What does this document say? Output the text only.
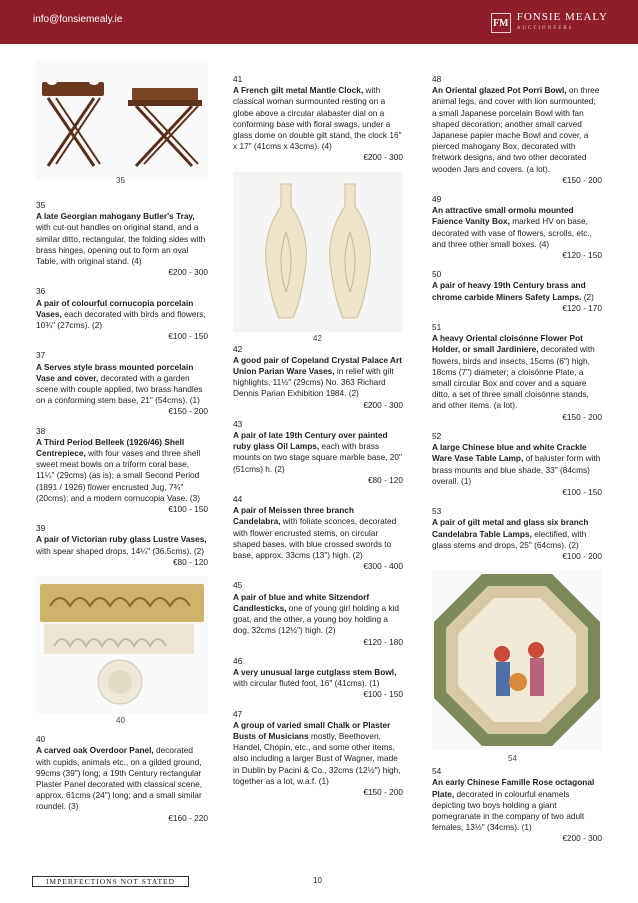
info@fonsiemealy.ie	FM FONSIE MEALY
AUCTIONEERS
35
35
A late Georgian mahogany Butler's Tray, with cut-out handles on original stand, and a similar ditto, rectangular, the folding sides with brass hinges, opening out to form an oval Table, with original stand. (4)
€200 - 300
36
A pair of colourful cornucopia porcelain Vases, each decorated with birds and flowers, 10¾" (27cms). (2)
€100 - 150
37
A Serves style brass mounted porcelain Vase and cover, decorated with a garden scene with couple applied, two brass handles on a conforming stem base, 21" (54cms). (1)
€150 - 200
38
A Third Period Belleek (1926/46) Shell Centrepiece, with four vases and three shell sweet meat bowls on a triform coral base, 11¼" (29cms) (as is); a small Second Period (1891 / 1926) flower encrusted Jug, 7¾" (20cms); and a modern cornucopia Vase. (3)
€100 - 150
39
A pair of Victorian ruby glass Lustre Vases, with spear shaped drops, 14¼" (36.5cms). (2)
€80 - 120
40
40
A carved oak Overdoor Panel, decorated with cupids, animals etc., on a gilded ground, 99cms (39") long; a 19th Century rectangular Plaster Panel decorated with classical scene, approx. 61cms (24") long; and a small similar roundel. (3)
€160 - 220
41
A French gilt metal Mantle Clock, with classical woman surmounted resting on a globe above a circular alabaster dial on a conforming base with floral swags, under a glass dome on double gilt stand, the clock 16" x 17" (41cms x 43cms). (4)
€200 - 300
42
42
A good pair of Copeland Crystal Palace Art Union Parian Ware Vases, in relief with gilt highlights, 11½" (29cms) No. 363 Richard Dennis Parian Exhibition 1984. (2)
€200 - 300
43
A pair of late 19th Century over painted ruby glass Oil Lamps, each with brass mounts on two stage square marble base, 20" (51cms) h. (2)
€80 - 120
44
A pair of Meissen three branch Candelabra, with foliate sconces, decorated with flower encrusted stems, on circular shaped bases, with blue crossed swords to base, approx. 33cms (13") high. (2)
€300 - 400
45
A pair of blue and white Sitzendorf Candlesticks, one of young girl holding a kid goat, and the other, a young boy holding a dog, 32cms (12½") high. (2)
€120 - 180
46
A very unusual large cutglass stem Bowl, with circular fluted foot, 16" (41cms). (1)
€100 - 150
47
A group of varied small Chalk or Plaster Busts of Musicians mostly, Beethoven, Handel, Chopin, etc., and some other items, also including a larger Bust of Wagner, made in Dublin by Pacini & Co., 32cms (12½") high, together as a lot, w.a.f. (1)
€150 - 200
48
An Oriental glazed Pot Porri Bowl, on three animal legs, and cover with lion surmounted; a small Japanese porcelain Bowl with fan shaped decoration; another small carved Japanese papier mache Bowl and cover, a pierced mahogany Box, decorated with fretwork designs, and two other decorated wooden Jars and covers. (a lot).
€150 - 200
49
An attractive small ormolu mounted Faience Vanity Box, marked HV on base, decorated with vase of flowers, scrolls, etc., and three other small boxes. (4)
€120 - 150
50
A pair of heavy 19th Century brass and chrome carbide Miners Safety Lamps. (2)
€120 - 170
51
A heavy Oriental cloisónne Flower Pot Holder, or small Jardiniere, decorated with flowers, birds and insects, 15cms (6") high, 18cms (7") diameter; a cloisónne Plate, a small circular Box and cover and a square ditto, a set of three small cloisónne stands, and other items. (a lot).
€150 - 200
52
A large Chinese blue and white Crackle Ware Vase Table Lamp, of baluster form with brass mounts and blue shade, 33" (84cms) overall. (1)
€100 - 150
53
A pair of gilt metal and glass six branch Candelabra Table Lamps, electified, with glass stems and drops, 25" (64cms). (2)
€100 - 200
54
54
An early Chinese Famille Rose octagonal Plate, decorated in colourful enamels depicting two boys holding a giant pomegranate in the company of two adult females, 13½" (34cms). (1)
€200 - 300
IMPERFECTIONS NOT STATED	10
